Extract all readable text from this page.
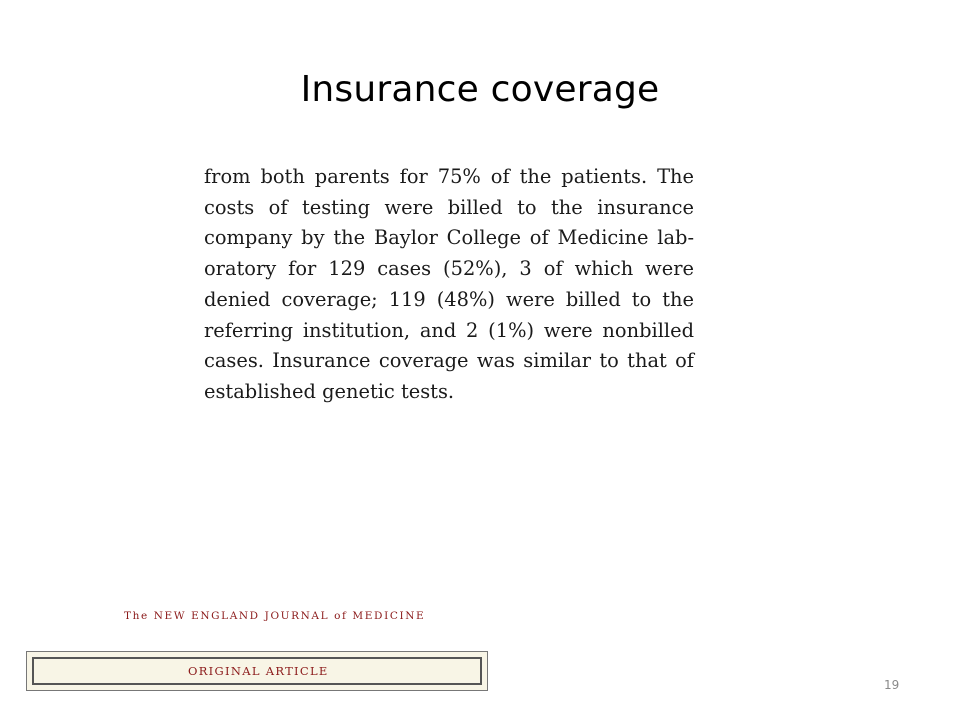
Insurance coverage
from both parents for 75% of the patients. The
costs of testing were billed to the insurance
company by the Baylor College of Medicine lab-
oratory for 129 cases (52%), 3 of which were
denied coverage; 119 (48%) were billed to the
referring institution, and 2 (1%) were nonbilled
cases. Insurance coverage was similar to that of
established genetic tests.
The NEW ENGLAND JOURNAL of MEDICINE
ORIGINAL ARTICLE
19
